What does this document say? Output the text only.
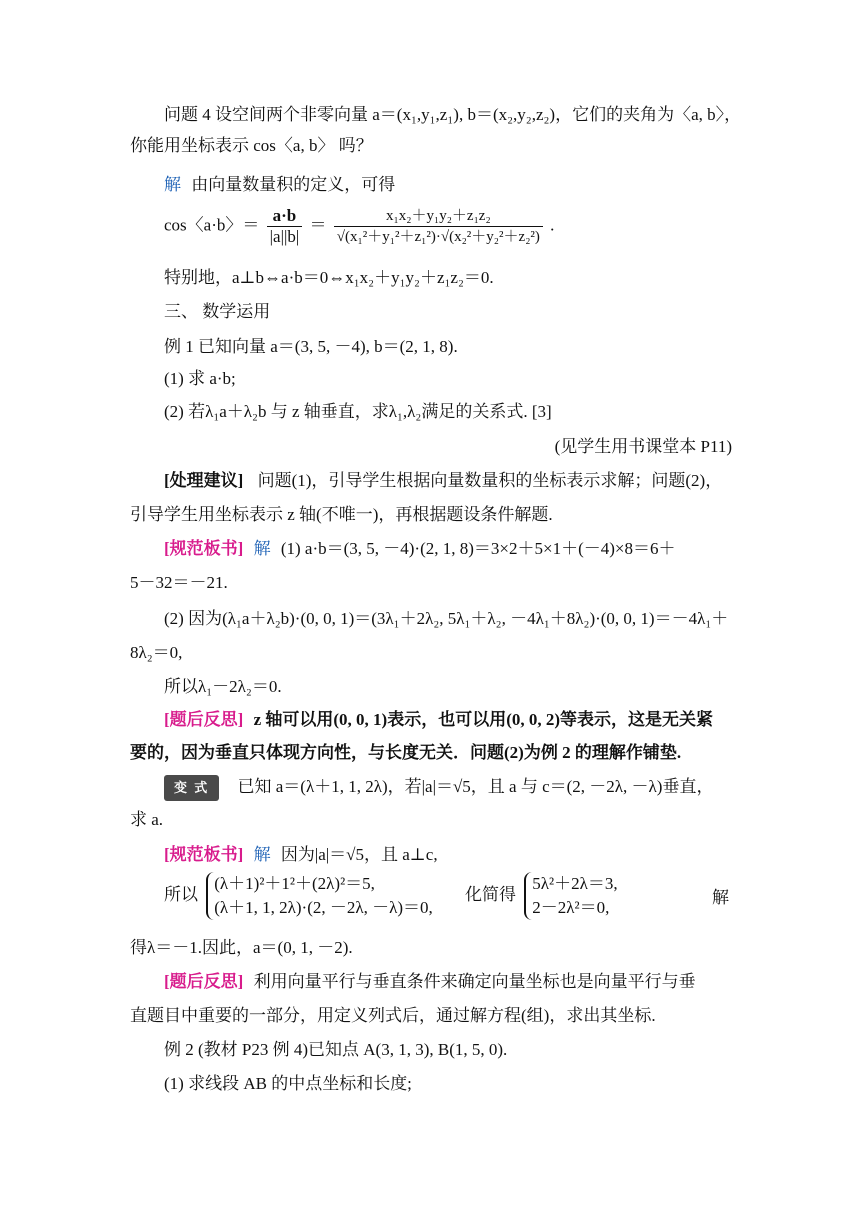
问题 4 设空间两个非零向量 a＝(x₁,y₁,z₁), b＝(x₂,y₂,z₂)，它们的夹角为〈a, b〉，
你能用坐标表示 cos〈a, b〉 吗？
解 由向量数量积的定义，可得
cos〈a·b〉＝ $\frac{a\cdot b}{|a||b|} = \frac{\text{x₁x₂＋y₁y₂＋z₁z₂}}{\text{√(x₁²＋y₁²＋z₁²)·√(x₂²＋y₂²＋z₂²)}}$ .
特别地，a⊥b⇔a·b＝0⇔x₁x₂＋y₁y₂＋z₁z₂＝0.
三、 数学运用
例 1 已知向量 a＝(3, 5, －4), b＝(2, 1, 8).
(1) 求 a·b;
(2) 若λ₁a＋λ₂b 与 z 轴垂直，求λ₁,λ₂满足的关系式. [3]
(见学生用书课堂本 P11)
[处理建议] 问题(1)，引导学生根据向量数量积的坐标表示求解；问题(2)，
引导学生用坐标表示 z 轴(不唯一)，再根据题设条件解题.
[规范板书] 解 (1) a·b＝(3, 5, －4)·(2, 1, 8)＝3×2＋5×1＋(－4)×8＝6＋
5－32＝－21.
(2) 因为(λ₁a＋λ₂b)·(0, 0, 1)＝(3λ₁＋2λ₂, 5λ₁＋λ₂, －4λ₁＋8λ₂)·(0, 0, 1)＝－4λ₁＋
8λ₂＝0,
所以λ₁－2λ₂＝0.
[题后反思] z 轴可以用(0, 0, 1)表示，也可以用(0, 0, 2)等表示，这是无关紧
要的，因为垂直只体现方向性，与长度无关．问题(2)为例 2 的理解作铺垫.
变 式 已知 a＝(λ＋1, 1, 2λ)，若|a|＝√5，且 a 与 c＝(2, －2λ, －λ)垂直，
求 a.
[规范板书] 解 因为|a|＝√5，且 a⊥c,
所以
(λ＋1)²＋1²＋(2λ)²＝5,
(λ＋1, 1, 2λ)·(2, －2λ, －λ)＝0,
化简得
5λ²＋2λ＝3,
2－2λ²＝0,
解
得λ＝－1.因此，a＝(0, 1, －2).
[题后反思] 利用向量平行与垂直条件来确定向量坐标也是向量平行与垂
直题目中重要的一部分，用定义列式后，通过解方程(组)，求出其坐标.
例 2 (教材 P23 例 4)已知点 A(3, 1, 3), B(1, 5, 0).
(1) 求线段 AB 的中点坐标和长度;
